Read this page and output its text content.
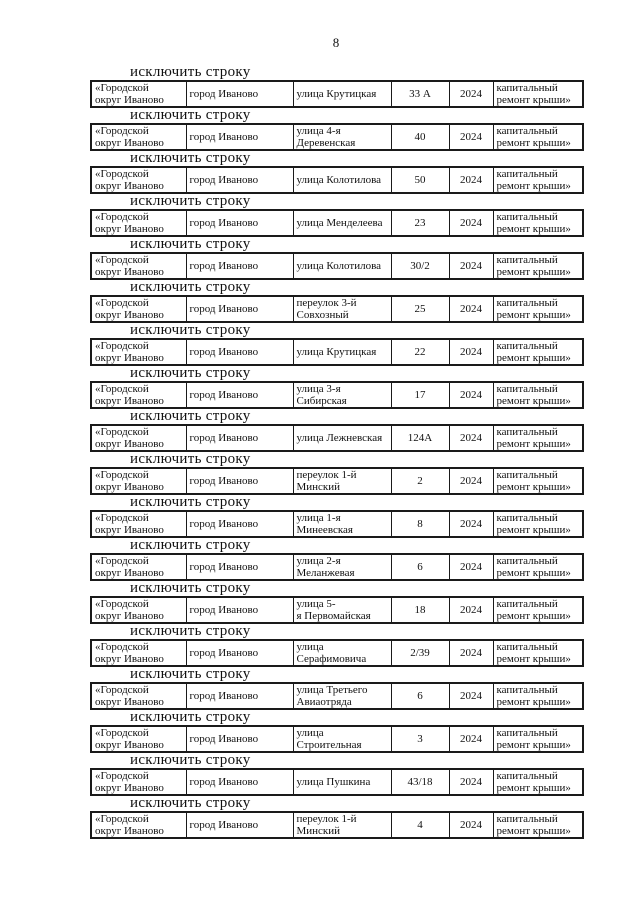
8
исключить строку
«Городской округ Иваново	город Иваново	улица Крутицкая	33 А	2024	капитальный ремонт крыши»
исключить строку
«Городской округ Иваново	город Иваново	улица 4-я Деревенская	40	2024	капитальный ремонт крыши»
исключить строку
«Городской округ Иваново	город Иваново	улица Колотилова	50	2024	капитальный ремонт крыши»
исключить строку
«Городской округ Иваново	город Иваново	улица Менделеева	23	2024	капитальный ремонт крыши»
исключить строку
«Городской округ Иваново	город Иваново	улица Колотилова	30/2	2024	капитальный ремонт крыши»
исключить строку
«Городской округ Иваново	город Иваново	переулок 3-й Совхозный	25	2024	капитальный ремонт крыши»
исключить строку
«Городской округ Иваново	город Иваново	улица Крутицкая	22	2024	капитальный ремонт крыши»
исключить строку
«Городской округ Иваново	город Иваново	улица 3-я Сибирская	17	2024	капитальный ремонт крыши»
исключить строку
«Городской округ Иваново	город Иваново	улица Лежневская	124А	2024	капитальный ремонт крыши»
исключить строку
«Городской округ Иваново	город Иваново	переулок 1-й Минский	2	2024	капитальный ремонт крыши»
исключить строку
«Городской округ Иваново	город Иваново	улица 1-я Минеевская	8	2024	капитальный ремонт крыши»
исключить строку
«Городской округ Иваново	город Иваново	улица 2-я Меланжевая	6	2024	капитальный ремонт крыши»
исключить строку
«Городской округ Иваново	город Иваново	улица 5-я Первомайская	18	2024	капитальный ремонт крыши»
исключить строку
«Городской округ Иваново	город Иваново	улица Серафимовича	2/39	2024	капитальный ремонт крыши»
исключить строку
«Городской округ Иваново	город Иваново	улица Третьего Авиаотряда	6	2024	капитальный ремонт крыши»
исключить строку
«Городской округ Иваново	город Иваново	улица Строительная	3	2024	капитальный ремонт крыши»
исключить строку
«Городской округ Иваново	город Иваново	улица Пушкина	43/18	2024	капитальный ремонт крыши»
исключить строку
«Городской округ Иваново	город Иваново	переулок 1-й Минский	4	2024	капитальный ремонт крыши»
